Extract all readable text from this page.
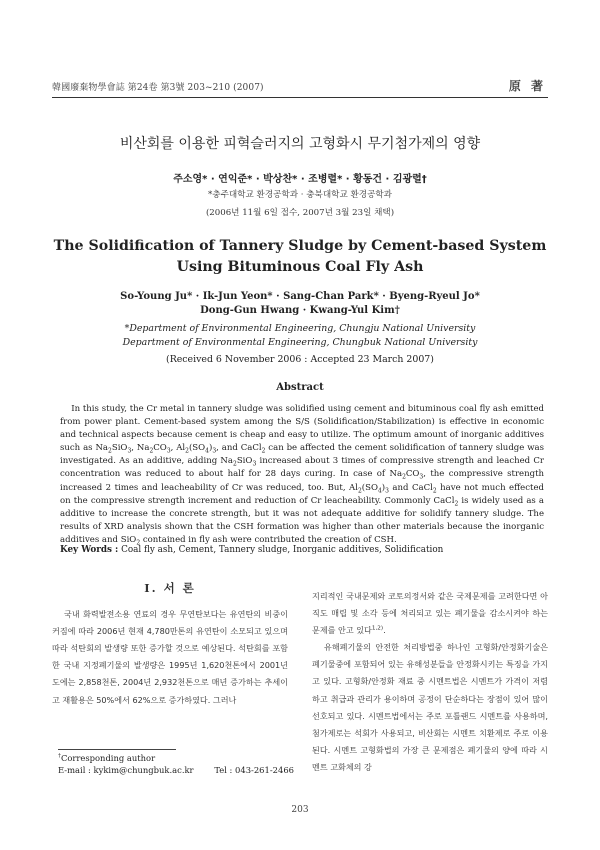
韓國廢棄物學會誌 第24卷 第3號 203~210 (2007)	原 著
비산회를 이용한 피혁슬러지의 고형화시 무기첨가제의 영향
주소영* · 연익준* · 박상찬* · 조병렬* · 황동건 · 김광렬†
*충주대학교 환경공학과 · 충북대학교 환경공학과
(2006년 11월 6일 접수, 2007년 3월 23일 채택)
The Solidification of Tannery Sludge by Cement-based System
Using Bituminous Coal Fly Ash
So-Young Ju* · Ik-Jun Yeon* · Sang-Chan Park* · Byeng-Ryeul Jo*
Dong-Gun Hwang · Kwang-Yul Kim†
*Department of Environmental Engineering, Chungju National University
Department of Environmental Engineering, Chungbuk National University
(Received 6 November 2006 : Accepted 23 March 2007)
Abstract

In this study, the Cr metal in tannery sludge was solidified using cement and bituminous coal fly ash emitted from power plant. Cement-based system among the S/S (Solidification/Stabilization) is effective in economic and technical aspects because cement is cheap and easy to utilize. The optimum amount of inorganic additives such as $Na_2SiO_3$, $Na_2CO_3$, $Al_2(SO_4)_3$, and CaCl$_2$ can be affected the cement solidification of tannery sludge was investigated. As an additive, adding $Na_2SiO_3$ increased about 3 times of compressive strength and leached Cr concentration was reduced to about half for 28 days curing. In case of $Na_2CO_3$, the compressive strength increased 2 times and leacheability of Cr was reduced, too. But, $Al_2(SO_4)_3$ and CaCl$_2$ have not much effected on the compressive strength increment and reduction of Cr leacheability. Commonly CaCl$_2$ is widely used as a additive to increase the concrete strength, but it was not adequate additive for solidify tannery sludge. The results of XRD analysis shown that the CSH formation was higher than other materials because the inorganic additives and SiO$_2$ contained in fly ash were contributed the creation of CSH.

Key Words : Coal fly ash, Cement, Tannery sludge, Inorganic additives, Solidification
I. 서 론

국내 화력발전소용 연료의 경우 무연탄보다는 유연탄의 비중이 커짐에 따라 2006년 현재 4,780만톤의 유연탄이 소모되고 있으며 따라 석탄회의 발생량 또한 증가할 것으로 예상된다. 석탄회를 포함한 국내 지정폐기물의 발생량은 1995년 1,620천톤에서 2001년도에는 2,858천톤, 2004년 2,932천톤으로 매년 증가하는 추세이고 재활용은 50%에서 62%으로 증가하였다. 그러나

지리적인 국내문제와 코토의정서와 같은 국제문제를 고려한다면 아직도 매립 및 소각 등에 처리되고 있는 폐기물을 감소시켜야 하는 문제를 안고 있다$^{1,2)}$.

유해폐기물의 안전한 처리방법중 하나인 고형화/안정화기술은 폐기물중에 포함되어 있는 유해성분들을 안정화시키는 특징을 가지고 있다. 고형화/안정화 재료 중 시멘트법은 시멘트가 가격이 저렴하고 취급과 관리가 용이하며 공정이 단순하다는 장점이 있어 많이 선호되고 있다. 시멘트법에서는 주로 포틀랜드 시멘트를 사용하며, 첨가제로는 석회가 사용되고, 비산회는 시멘트 치환제로 주로 이용된다. 시멘트 고형화법의 가장 큰 문제점은 폐기물의 양에 따라 시멘트 고화체의 강

†Corresponding author
E-mail : kykim@chungbuk.ac.kr Tel : 043-261-2466
203
